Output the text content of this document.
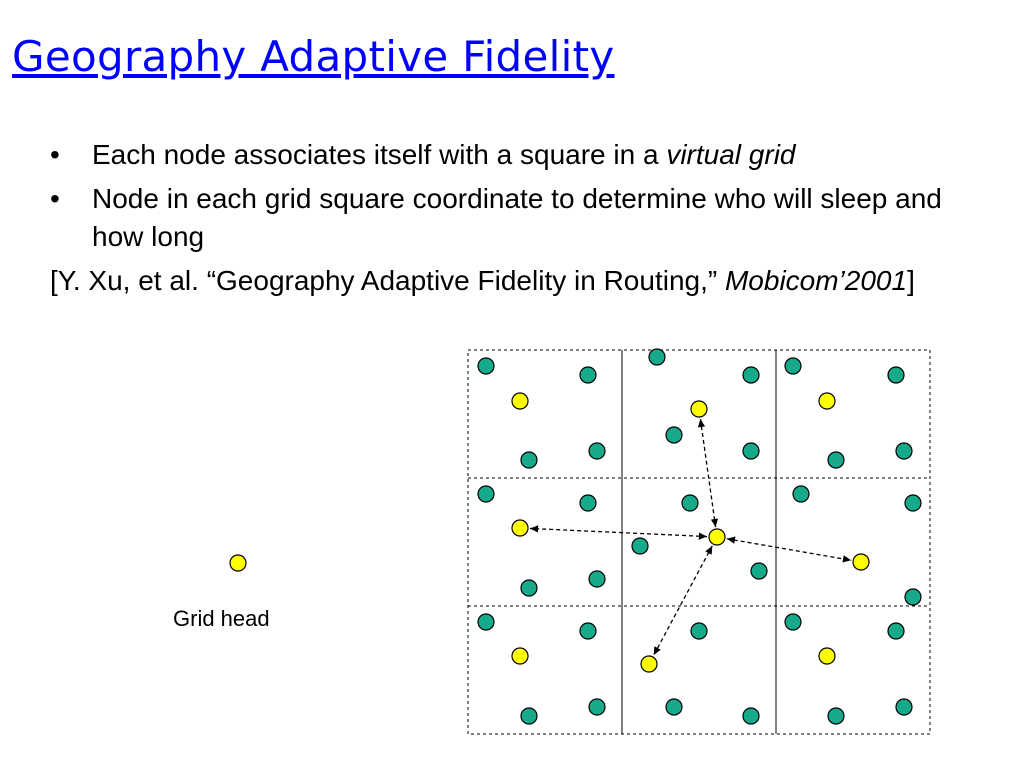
Geography Adaptive Fidelity
• Each node associates itself with a square in a virtual grid
• Node in each grid square coordinate to determine who will sleep and how long
[Y. Xu, et al. “Geography Adaptive Fidelity in Routing,” Mobicom’2001]
Grid head
